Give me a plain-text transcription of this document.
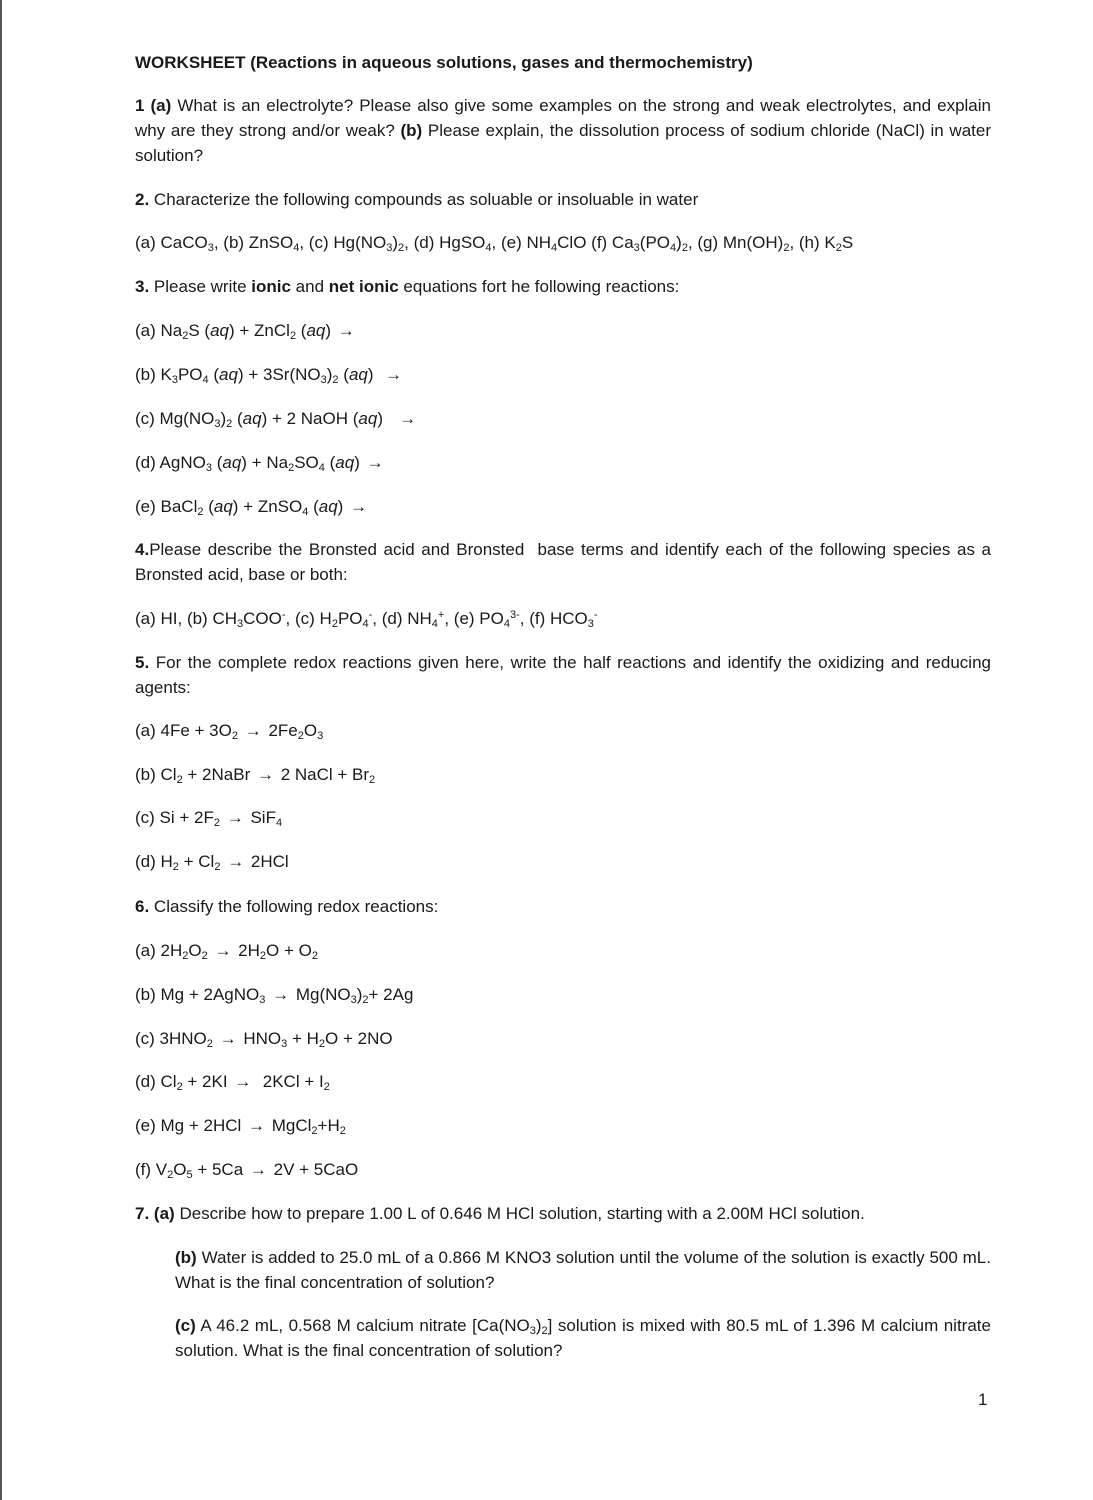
WORKSHEET (Reactions in aqueous solutions, gases and thermochemistry)
1 (a) What is an electrolyte? Please also give some examples on the strong and weak electrolytes, and explain why are they strong and/or weak? (b) Please explain, the dissolution process of sodium chloride (NaCl) in water solution?
2. Characterize the following compounds as soluable or insoluable in water
(a) CaCO$_3$, (b) ZnSO$_4$, (c) $Hg(NO_3)_2$, (d) HgSO$_4$, (e) $NH_4ClO$ (f) $Ca_3(PO_4)_2$, (g) $Mn(OH)_2$, (h) $K_2S$
3. Please write ionic and net ionic equations fort he following reactions:
(a) $Na_2S$ (aq) + ZnCl$_2$ (aq) →
(b) $K_3PO_4$ $(aq) + 3Sr(NO_3)_2$ (aq)  →
(c) $Mg(NO_3)_2$ (aq) + 2 NaOH (aq)   →
(d) AgNO$_3$ $(aq) + Na_2SO_4$ (aq) →
(e) BaCl$_2$ (aq) + ZnSO$_4$ (aq) →
4.Please describe the Bronsted acid and Bronsted  base terms and identify each of the following species as a Bronsted acid, base or both:
(a) HI, (b) $CH_3COO^-$, (c) $H_2PO_4^-$, (d) $NH_4^+$, (e) $PO_4^{3-}$, (f) $HCO_3^-$
5. For the complete redox reactions given here, write the half reactions and identify the oxidizing and reducing agents:
(a) $4Fe + 3O_2 \to 2Fe_2O_3$
(b) $Cl_2$ + 2NaBr → 2 NaCl + $Br_2$
(c) $Si + 2F_2 \to SiF_4$
(d) $H_2 + Cl_2 \to 2HCl$
6. Classify the following redox reactions:
(a) $2H_2O_2 \to 2H_2O + O_2$
(b) Mg + 2AgNO$_3$ → $Mg(NO_3)_2+ 2Ag$
(c) $3HNO_2 \to HNO_3 + H_2O + 2NO$
(d) $Cl_2 + 2KI \to 2KCl + I_2$
(e) $Mg + 2HCl \to MgCl_2+H_2$
(f) $V_2O_5 + 5Ca \to 2V + 5CaO$
7. (a) Describe how to prepare 1.00 L of 0.646 M HCl solution, starting with a 2.00M HCl solution.
(b) Water is added to 25.0 mL of a 0.866 M KNO3 solution until the volume of the solution is exactly 500 mL. What is the final concentration of solution?
(c) A 46.2 mL, 0.568 M calcium nitrate $[Ca(NO_3)_2]$ solution is mixed with 80.5 mL of 1.396 M calcium nitrate solution. What is the final concentration of solution?
1
